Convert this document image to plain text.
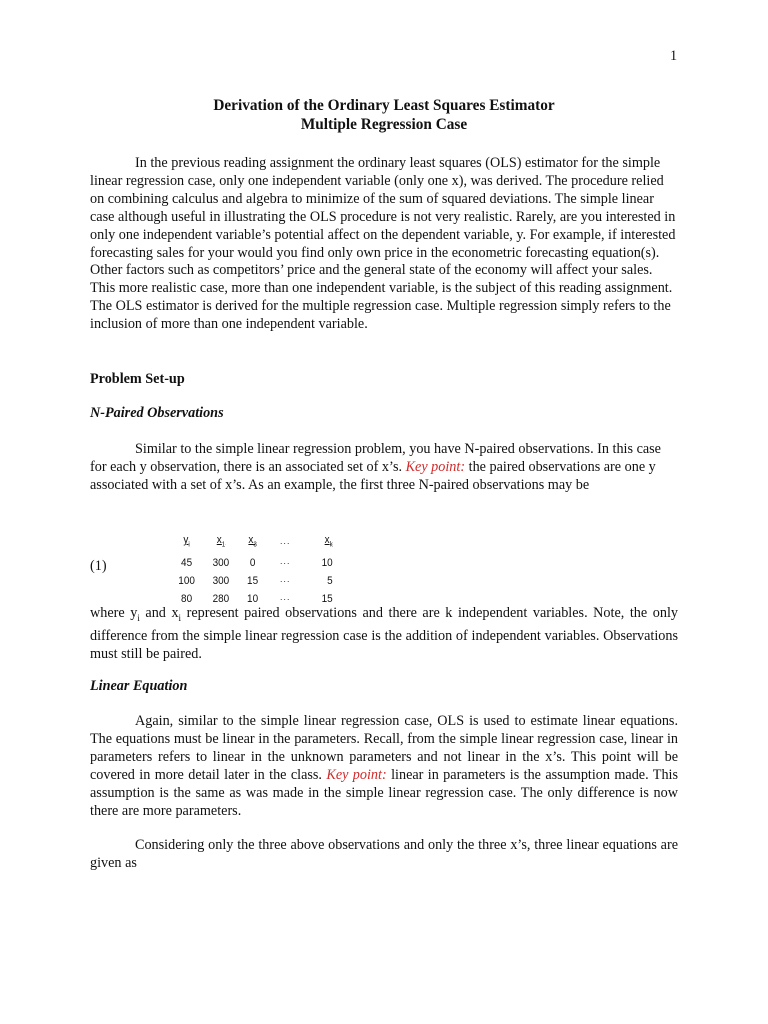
1
Derivation of the Ordinary Least Squares Estimator
Multiple Regression Case

In the previous reading assignment the ordinary least squares (OLS) estimator for the simple linear regression case, only one independent variable (only one x), was derived. The procedure relied on combining calculus and algebra to minimize of the sum of squared deviations. The simple linear case although useful in illustrating the OLS procedure is not very realistic. Rarely, are you interested in only one independent variable’s potential affect on the dependent variable, y. For example, if interested forecasting sales for your would you find only own price in the econometric forecasting equation(s). Other factors such as competitors’ price and the general state of the economy will affect your sales. This more realistic case, more than one independent variable, is the subject of this reading assignment. The OLS estimator is derived for the multiple regression case. Multiple regression simply refers to the inclusion of more than one independent variable.

Problem Set-up

N-Paired Observations

Similar to the simple linear regression problem, you have N-paired observations. In this case for each y observation, there is an associated set of x’s. Key point: the paired observations are one y associated with a set of x’s. As an example, the first three N-paired observations may be

(1)
$y_i$	$x_1$	$x_3$	···	$x_k$
45	300	0	···	10
100	300	15	···	5
80	280	10	···	15

where $y_i$ and $x_i$ represent paired observations and there are k independent variables. Note, the only difference from the simple linear regression case is the addition of independent variables. Observations must still be paired.

Linear Equation

Again, similar to the simple linear regression case, OLS is used to estimate linear equations. The equations must be linear in the parameters. Recall, from the simple linear regression case, linear in parameters refers to linear in the unknown parameters and not linear in the x’s. This point will be covered in more detail later in the class. Key point: linear in parameters is the assumption made. This assumption is the same as was made in the simple linear regression case. The only difference is now there are more parameters.

Considering only the three above observations and only the three x’s, three linear equations are given as
